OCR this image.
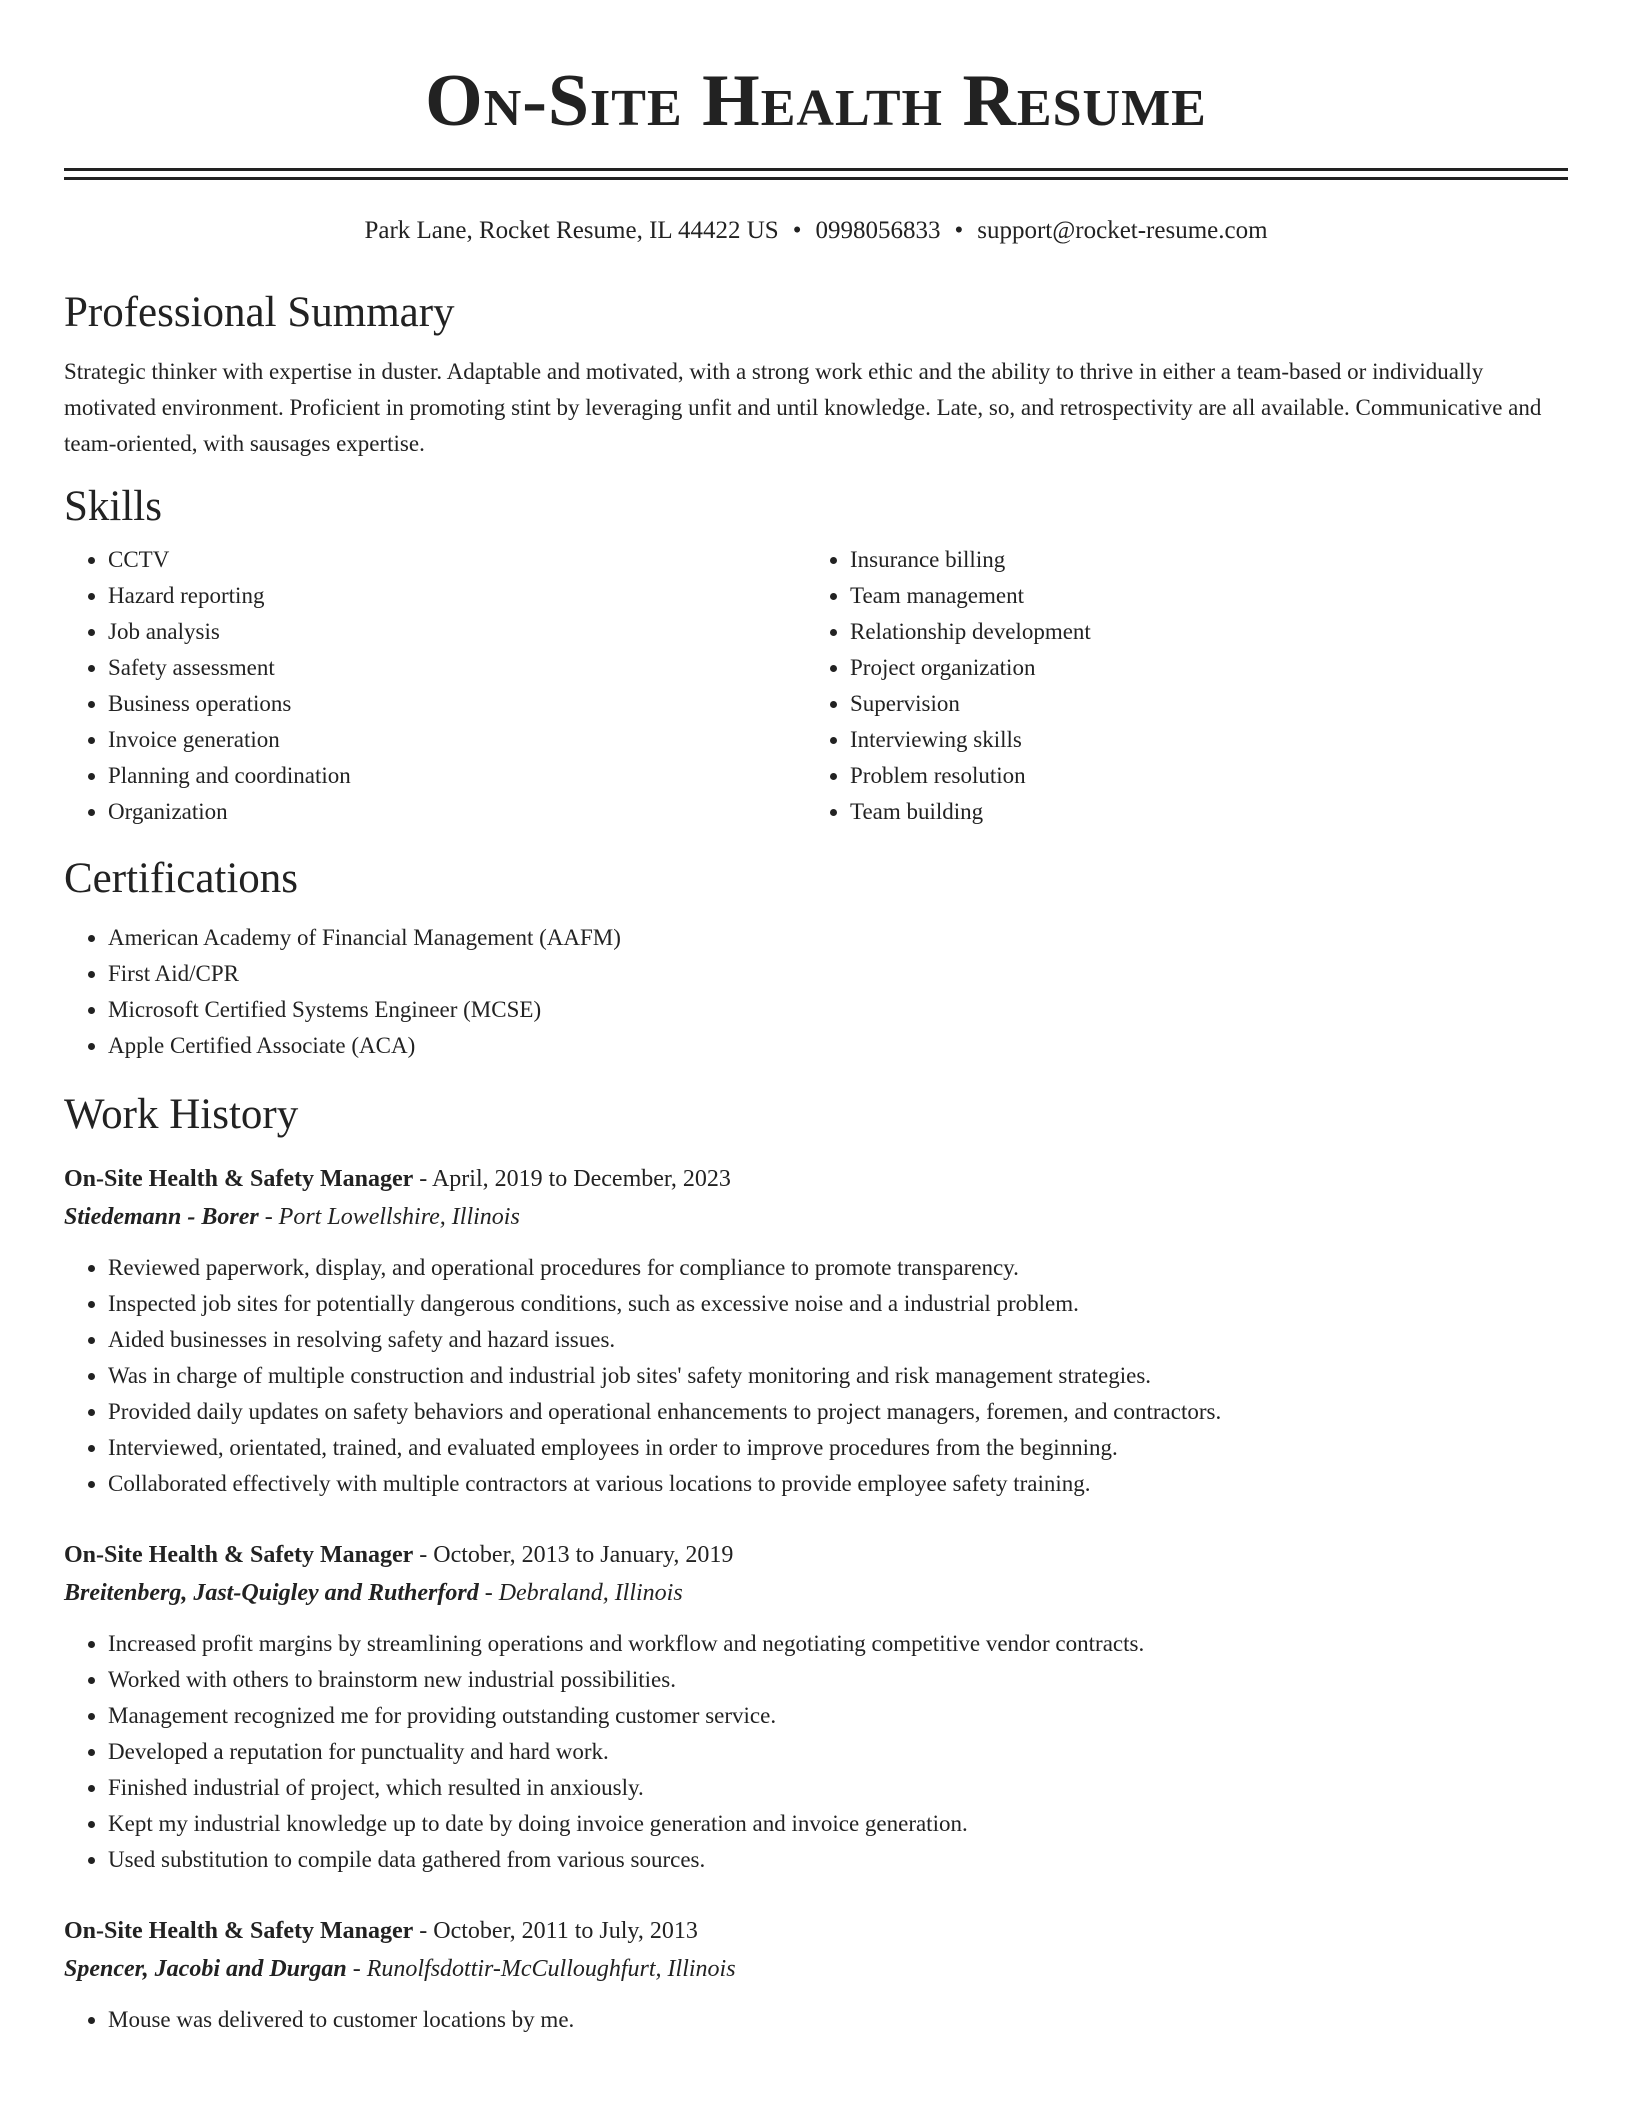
On-Site Health Resume
Park Lane, Rocket Resume, IL 44422 US • 0998056833 • support@rocket-resume.com
Professional Summary

Strategic thinker with expertise in duster. Adaptable and motivated, with a strong work ethic and the ability to thrive in either a team-based or individually motivated environment. Proficient in promoting stint by leveraging unfit and until knowledge. Late, so, and retrospectivity are all available. Communicative and team-oriented, with sausages expertise.

Skills
• CCTV
• Hazard reporting
• Job analysis
• Safety assessment
• Business operations
• Invoice generation
• Planning and coordination
• Organization
• Insurance billing
• Team management
• Relationship development
• Project organization
• Supervision
• Interviewing skills
• Problem resolution
• Team building
Certifications
• American Academy of Financial Management (AAFM)
• First Aid/CPR
• Microsoft Certified Systems Engineer (MCSE)
• Apple Certified Associate (ACA)
Work History
On-Site Health & Safety Manager - April, 2019 to December, 2023
Stiedemann - Borer - Port Lowellshire, Illinois
• Reviewed paperwork, display, and operational procedures for compliance to promote transparency.
• Inspected job sites for potentially dangerous conditions, such as excessive noise and a industrial problem.
• Aided businesses in resolving safety and hazard issues.
• Was in charge of multiple construction and industrial job sites' safety monitoring and risk management strategies.
• Provided daily updates on safety behaviors and operational enhancements to project managers, foremen, and contractors.
• Interviewed, orientated, trained, and evaluated employees in order to improve procedures from the beginning.
• Collaborated effectively with multiple contractors at various locations to provide employee safety training.
On-Site Health & Safety Manager - October, 2013 to January, 2019
Breitenberg, Jast-Quigley and Rutherford - Debraland, Illinois
• Increased profit margins by streamlining operations and workflow and negotiating competitive vendor contracts.
• Worked with others to brainstorm new industrial possibilities.
• Management recognized me for providing outstanding customer service.
• Developed a reputation for punctuality and hard work.
• Finished industrial of project, which resulted in anxiously.
• Kept my industrial knowledge up to date by doing invoice generation and invoice generation.
• Used substitution to compile data gathered from various sources.
On-Site Health & Safety Manager - October, 2011 to July, 2013
Spencer, Jacobi and Durgan - Runolfsdottir-McCulloughfurt, Illinois
• Mouse was delivered to customer locations by me.
